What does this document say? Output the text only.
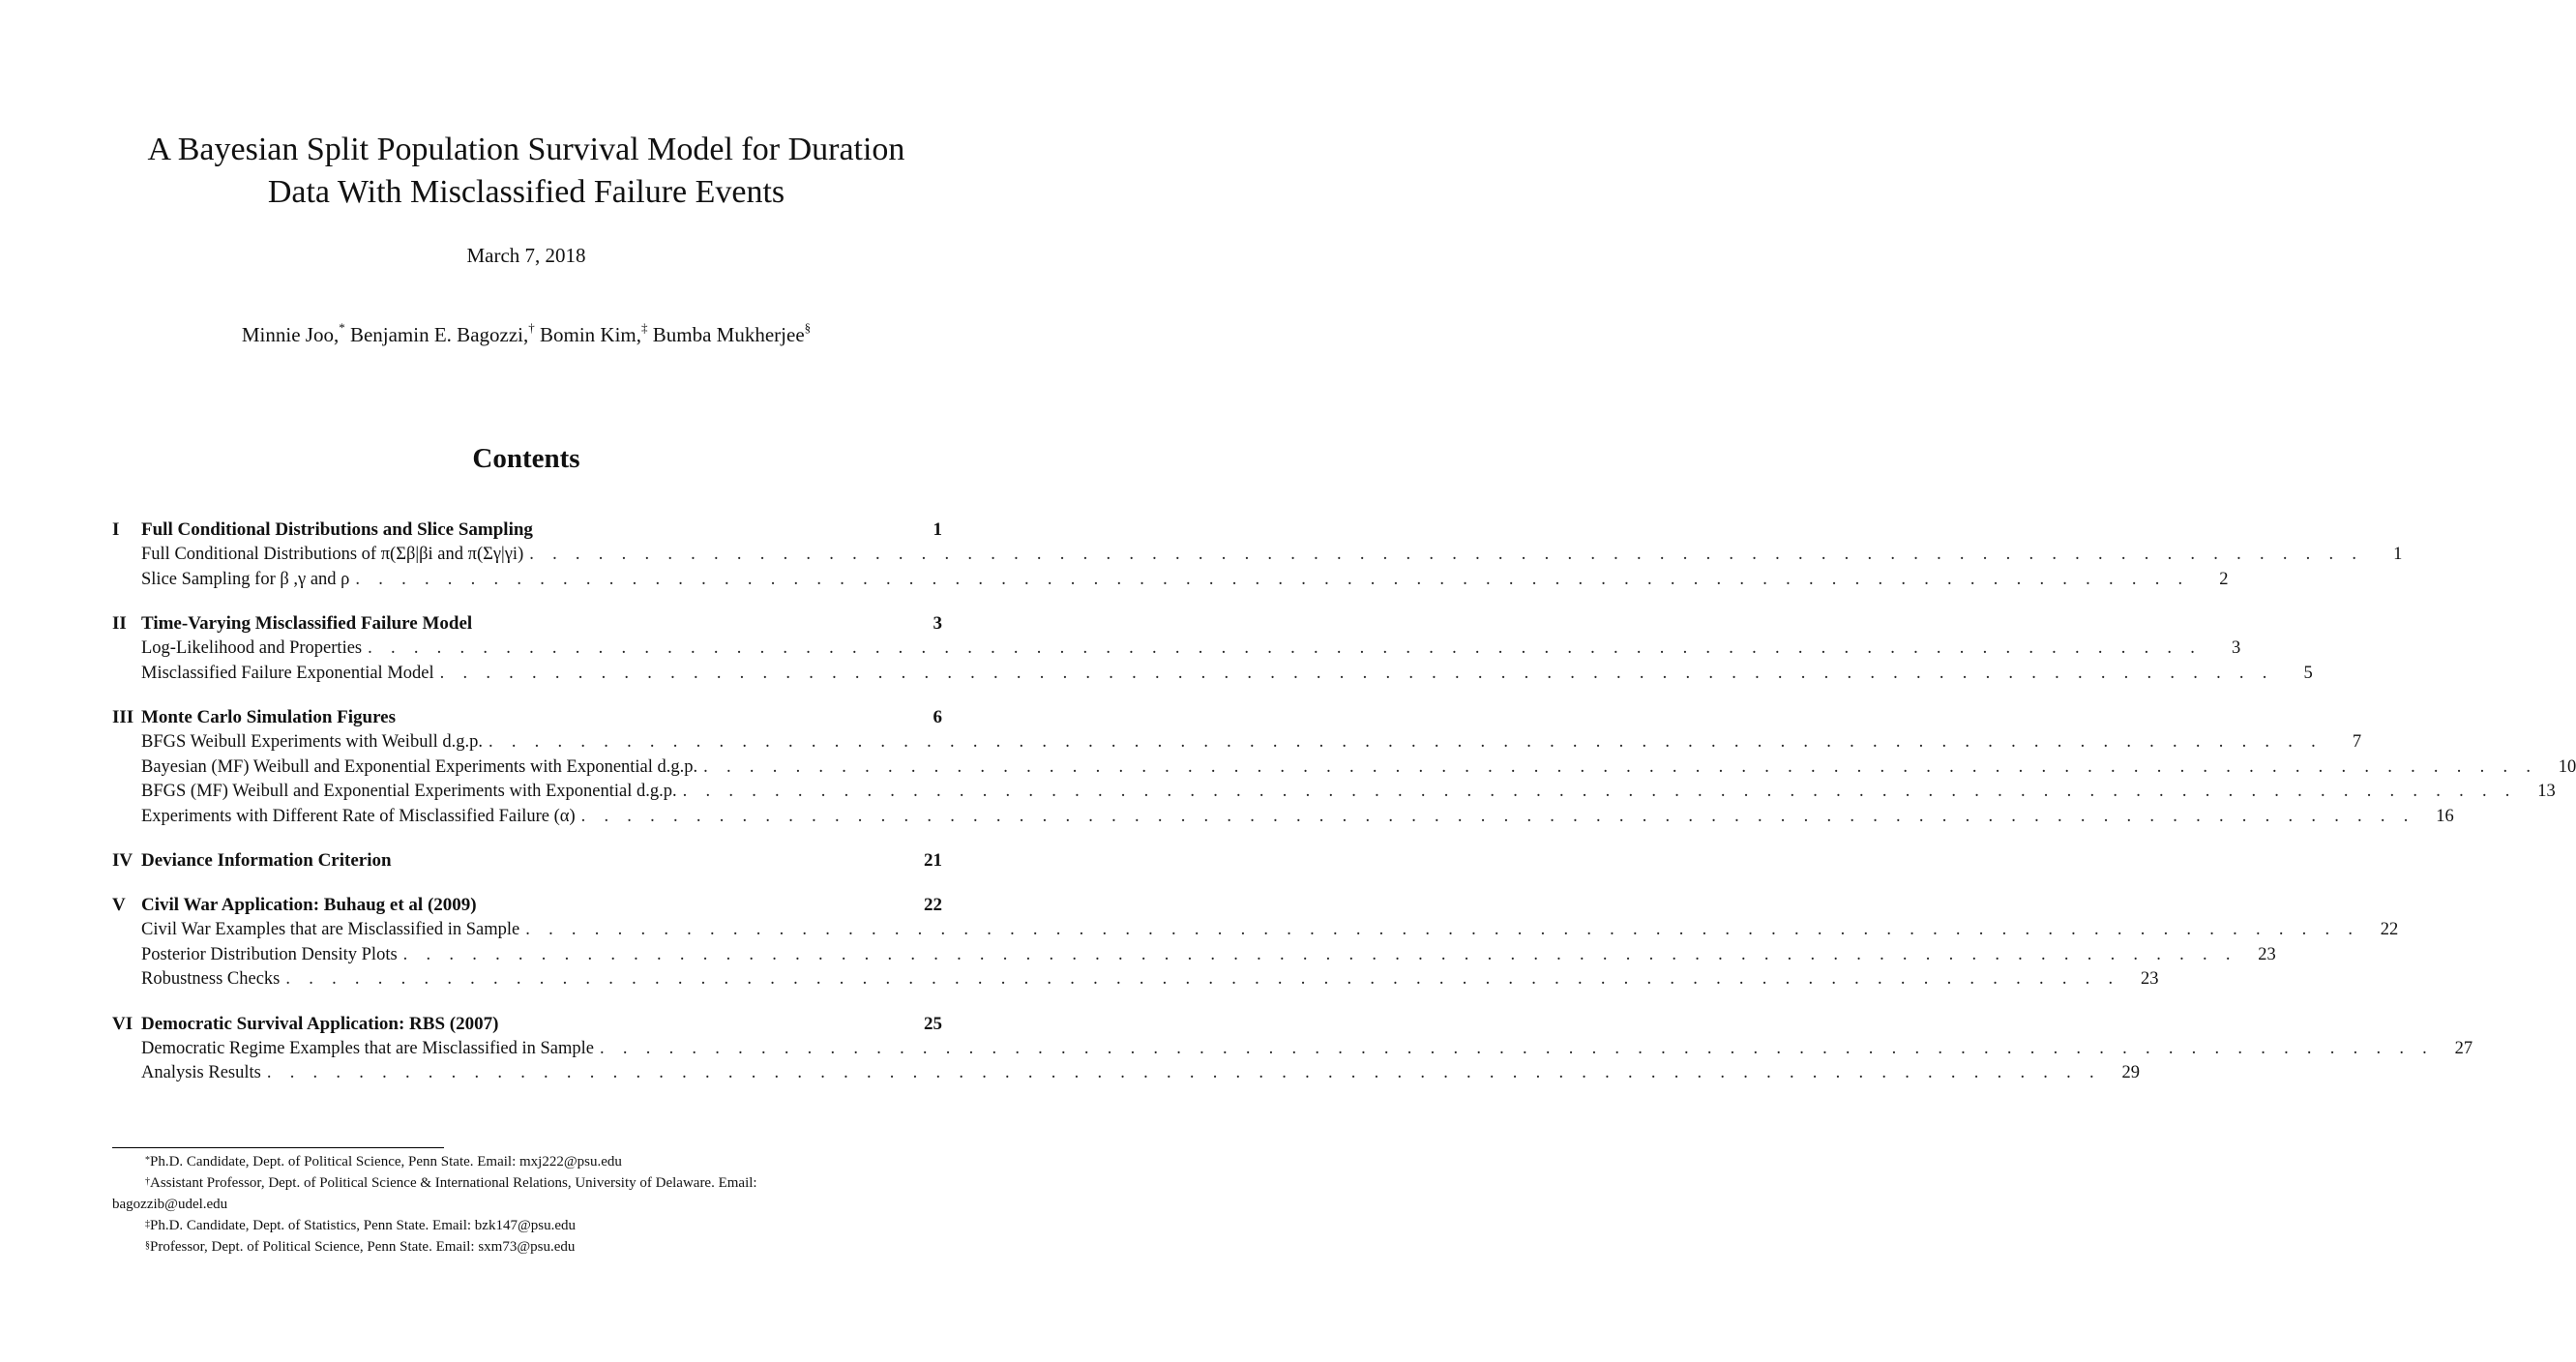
A Bayesian Split Population Survival Model for Duration
Data With Misclassified Failure Events
March 7, 2018
Minnie Joo,* Benjamin E. Bagozzi,† Bomin Kim,‡ Bumba Mukherjee§
Contents
I	Full Conditional Distributions and Slice Sampling	1
Full Conditional Distributions of π(Σβ|βi and π(Σγ|γi) . . . . . . . . . . . . . . . . . . . . . . . . . . . . . . . . . . . . . . . . . . . . . . . . . . . . . . . . . . . . . . . . . . . . . . . . . . . . . . . .	1
Slice Sampling for β ,γ and ρ . . . . . . . . . . . . . . . . . . . . . . . . . . . . . . . . . . . . . . . . . . . . . . . . . . . . . . . . . . . . . . . . . . . . . . . . . . . . . . . .	2
II Time-Varying Misclassified Failure Model	3
Log-Likelihood and Properties . . . . . . . . . . . . . . . . . . . . . . . . . . . . . . . . . . . . . . . . . . . . . . . . . . . . . . . . . . . . . . . . . . . . . . . . . . . . . . . .	3
Misclassified Failure Exponential Model . . . . . . . . . . . . . . . . . . . . . . . . . . . . . . . . . . . . . . . . . . . . . . . . . . . . . . . . . . . . . . . . . . . . . . . . . . . . . . . .	5
III Monte Carlo Simulation Figures	6
BFGS Weibull Experiments with Weibull d.g.p. . . . . . . . . . . . . . . . . . . . . . . . . . . . . . . . . . . . . . . . . . . . . . . . . . . . . . . . . . . . . . . . . . . . . . . . . . . . . . . . .	7
Bayesian (MF) Weibull and Exponential Experiments with Exponential d.g.p. . . . . . . . . . . . . . . . . . . . . . . . . . . . . . . . . . . . . . . . . . . . . . . . . . . . . . . . . . . . . . . . . . . . . . . . . . . . . . . . .	10
BFGS (MF) Weibull and Exponential Experiments with Exponential d.g.p. . . . . . . . . . . . . . . . . . . . . . . . . . . . . . . . . . . . . . . . . . . . . . . . . . . . . . . . . . . . . . . . . . . . . . . . . . . . . . . . .	13
Experiments with Different Rate of Misclassified Failure (α) . . . . . . . . . . . . . . . . . . . . . . . . . . . . . . . . . . . . . . . . . . . . . . . . . . . . . . . . . . . . . . . . . . . . . . . . . . . . . . . .	16
IV Deviance Information Criterion	21
V Civil War Application: Buhaug et al (2009)	22
Civil War Examples that are Misclassified in Sample . . . . . . . . . . . . . . . . . . . . . . . . . . . . . . . . . . . . . . . . . . . . . . . . . . . . . . . . . . . . . . . . . . . . . . . . . . . . . . . .	22
Posterior Distribution Density Plots . . . . . . . . . . . . . . . . . . . . . . . . . . . . . . . . . . . . . . . . . . . . . . . . . . . . . . . . . . . . . . . . . . . . . . . . . . . . . . . .	23
Robustness Checks . . . . . . . . . . . . . . . . . . . . . . . . . . . . . . . . . . . . . . . . . . . . . . . . . . . . . . . . . . . . . . . . . . . . . . . . . . . . . . . .	23
VI Democratic Survival Application: RBS (2007)	25
Democratic Regime Examples that are Misclassified in Sample . . . . . . . . . . . . . . . . . . . . . . . . . . . . . . . . . . . . . . . . . . . . . . . . . . . . . . . . . . . . . . . . . . . . . . . . . . . . . . . .	27
Analysis Results . . . . . . . . . . . . . . . . . . . . . . . . . . . . . . . . . . . . . . . . . . . . . . . . . . . . . . . . . . . . . . . . . . . . . . . . . . . . . . . .	29
*Ph.D. Candidate, Dept. of Political Science, Penn State. Email: mxj222@psu.edu
†Assistant Professor, Dept. of Political Science & International Relations, University of Delaware. Email:
bagozzib@udel.edu
‡Ph.D. Candidate, Dept. of Statistics, Penn State. Email: bzk147@psu.edu
§Professor, Dept. of Political Science, Penn State. Email: sxm73@psu.edu
